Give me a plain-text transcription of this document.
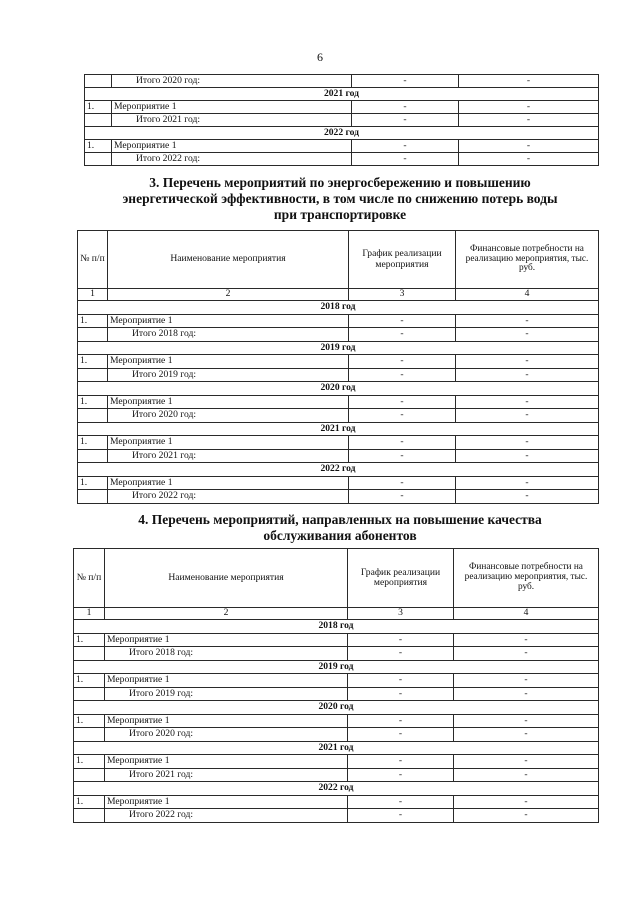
6
	Итого 2020 год:	-	-
2021 год			
1.	Мероприятие 1	-	-
	Итого 2021 год:	-	-
2022 год			
1.	Мероприятие 1	-	-
	Итого 2022 год:	-	-
3. Перечень мероприятий по энергосбережению и повышению
энергетической эффективности, в том числе по снижению потерь воды
при транспортировке
№ п/п	Наименование мероприятия	График реализации мероприятия	Финансовые потребности на реализацию мероприятия, тыс. руб.
1	2	3	4
2018 год			
1.	Мероприятие 1	-	-
	Итого 2018 год:	-	-
2019 год			
1.	Мероприятие 1	-	-
	Итого 2019 год:	-	-
2020 год			
1.	Мероприятие 1	-	-
	Итого 2020 год:	-	-
2021 год			
1.	Мероприятие 1	-	-
	Итого 2021 год:	-	-
2022 год			
1.	Мероприятие 1	-	-
	Итого 2022 год:	-	-
4. Перечень мероприятий, направленных на повышение качества
обслуживания абонентов
№ п/п	Наименование мероприятия	График реализации мероприятия	Финансовые потребности на реализацию мероприятия, тыс. руб.
1	2	3	4
2018 год			
1.	Мероприятие 1	-	-
	Итого 2018 год:	-	-
2019 год			
1.	Мероприятие 1	-	-
	Итого 2019 год:	-	-
2020 год			
1.	Мероприятие 1	-	-
	Итого 2020 год:	-	-
2021 год			
1.	Мероприятие 1	-	-
	Итого 2021 год:	-	-
2022 год			
1.	Мероприятие 1	-	-
	Итого 2022 год:	-	-
